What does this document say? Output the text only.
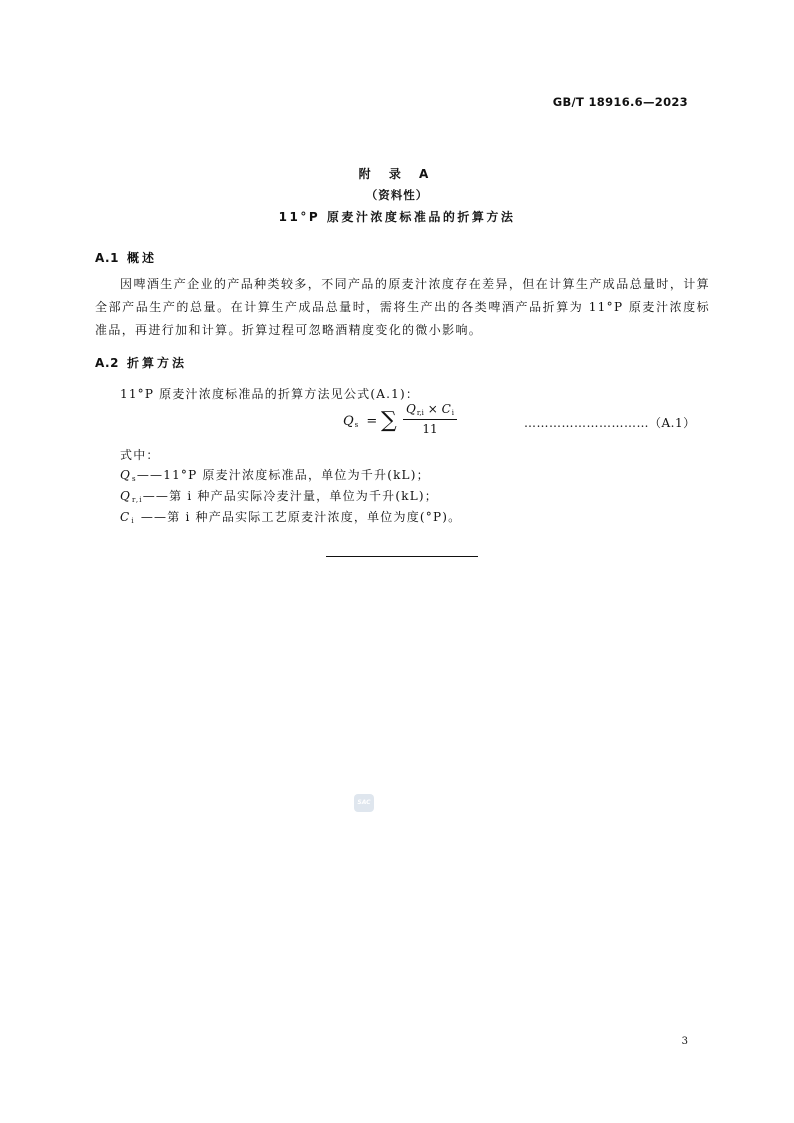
GB/T 18916.6—2023
附 录 A
（资料性）
11°P 原麦汁浓度标准品的折算方法
A.1 概述
因啤酒生产企业的产品种类较多，不同产品的原麦汁浓度存在差异，但在计算生产成品总量时，计算全部产品生产的总量。在计算生产成品总量时，需将生产出的各类啤酒产品折算为 11°P 原麦汁浓度标准品，再进行加和计算。折算过程可忽略酒精度变化的微小影响。
A.2 折算方法
11°P 原麦汁浓度标准品的折算方法见公式(A.1)：
$Q_s$ = ∑ $\frac{Q_{r,i} \times C_i}{11}$	…………………………（A.1）
式中：
$Q_s——11^\circ P$ 原麦汁浓度标准品，单位为千升(kL)；
$Q_{r,i}——$第 i 种产品实际冷麦汁量，单位为千升(kL)；
$C_i$ ——第 i 种产品实际工艺原麦汁浓度，单位为度(°P)。
SAC
3
